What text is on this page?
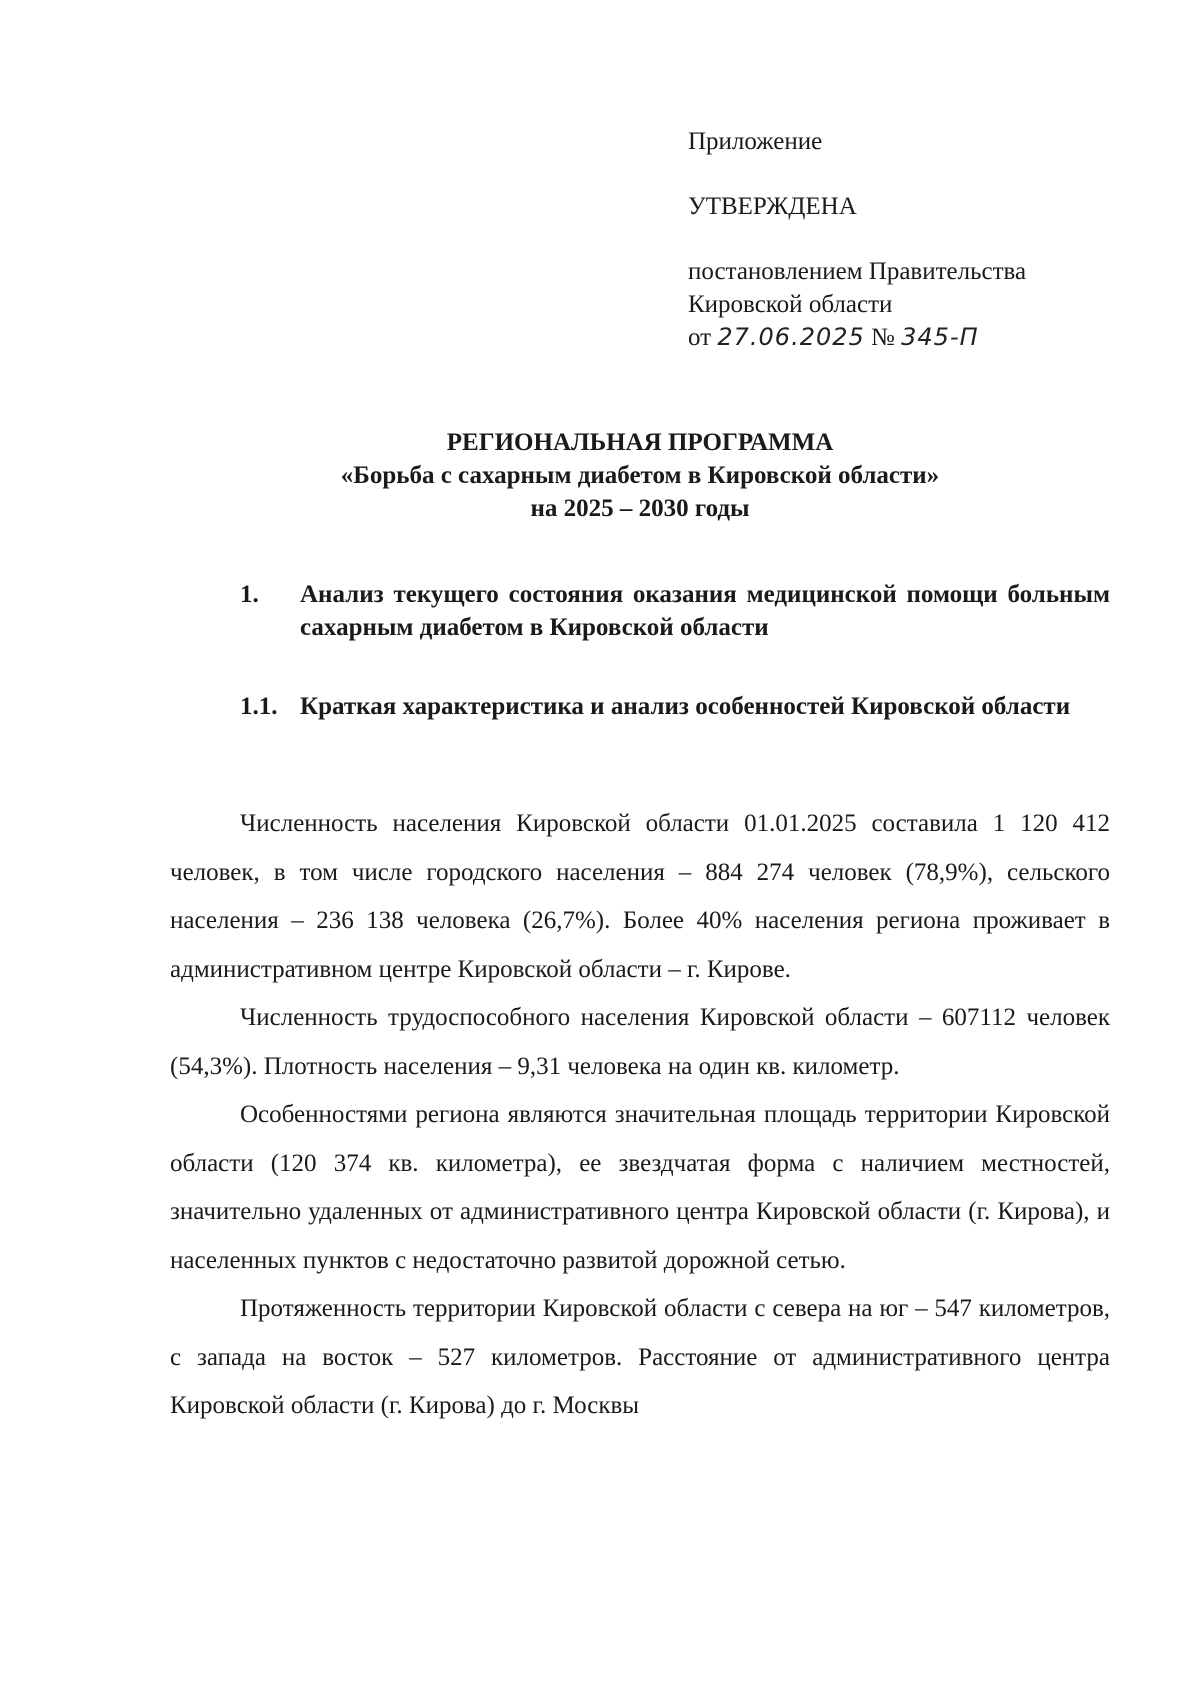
Приложение
УТВЕРЖДЕНА
постановлением Правительства
Кировской области
от 27.06.2025 № 345-П
РЕГИОНАЛЬНАЯ ПРОГРАММА
«Борьба с сахарным диабетом в Кировской области»
на 2025 – 2030 годы
1. Анализ текущего состояния оказания медицинской помощи больным сахарным диабетом в Кировской области
1.1. Краткая характеристика и анализ особенностей Кировской области

Численность населения Кировской области 01.01.2025 составила 1 120 412 человек, в том числе городского населения – 884 274 человек (78,9%), сельского населения – 236 138 человека (26,7%). Более 40% населения региона проживает в административном центре Кировской области – г. Кирове.

Численность трудоспособного населения Кировской области – 607112 человек (54,3%). Плотность населения – 9,31 человека на один кв. километр.

Особенностями региона являются значительная площадь территории Кировской области (120 374 кв. километра), ее звездчатая форма с наличием местностей, значительно удаленных от административного центра Кировской области (г. Кирова), и населенных пунктов с недостаточно развитой дорожной сетью.

Протяженность территории Кировской области с севера на юг – 547 километров, с запада на восток – 527 километров. Расстояние от административного центра Кировской области (г. Кирова) до г. Москвы
